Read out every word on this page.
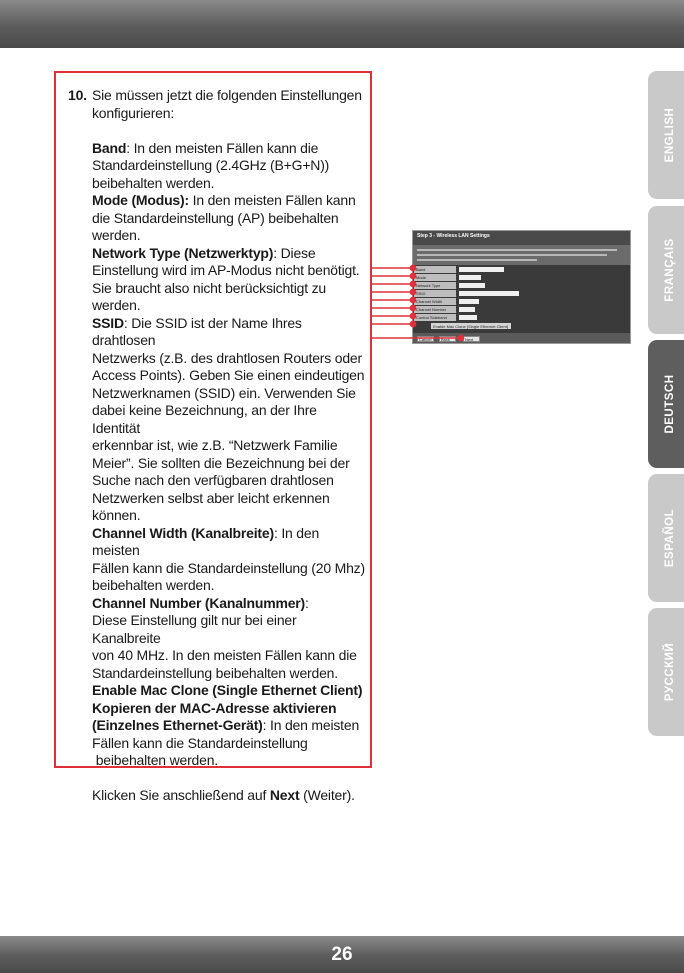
ENGLISH
FRANÇAIS
DEUTSCH
ESPAÑOL
РУССКИЙ
10. Sie müssen jetzt die folgenden Einstellungen
konfigurieren:
Band: In den meisten Fällen kann die
Standardeinstellung (2.4GHz (B+G+N))
beibehalten werden.
Mode (Modus): In den meisten Fällen kann
die Standardeinstellung (AP) beibehalten
werden.
Network Type (Netzwerktyp): Diese
Einstellung wird im AP-Modus nicht benötigt.
Sie braucht also nicht berücksichtigt zu
werden.
SSID: Die SSID ist der Name Ihres drahtlosen
Netzwerks (z.B. des drahtlosen Routers oder
Access Points). Geben Sie einen eindeutigen
Netzwerknamen (SSID) ein. Verwenden Sie
dabei keine Bezeichnung, an der Ihre Identität
erkennbar ist, wie z.B. “Netzwerk Familie
Meier”. Sie sollten die Bezeichnung bei der
Suche nach den verfügbaren drahtlosen
Netzwerken selbst aber leicht erkennen
können.
Channel Width (Kanalbreite): In den meisten
Fällen kann die Standardeinstellung (20 Mhz)
beibehalten werden.
Channel Number (Kanalnummer):
Diese Einstellung gilt nur bei einer Kanalbreite
von 40 MHz. In den meisten Fällen kann die
Standardeinstellung beibehalten werden.
Enable Mac Clone (Single Ethernet Client)
Kopieren der MAC-Adresse aktivieren
(Einzelnes Ethernet-Gerät): In den meisten
Fällen kann die Standardeinstellung
beibehalten werden.
Klicken Sie anschließend auf Next (Weiter).
Step 3 - Wireless LAN Settings
Band
Mode
Network Type
SSID
Channel Width
Channel Number
Control Sideband
Enable Mac Clone (Single Ethernet Client)
Cancel Back	Next
26
